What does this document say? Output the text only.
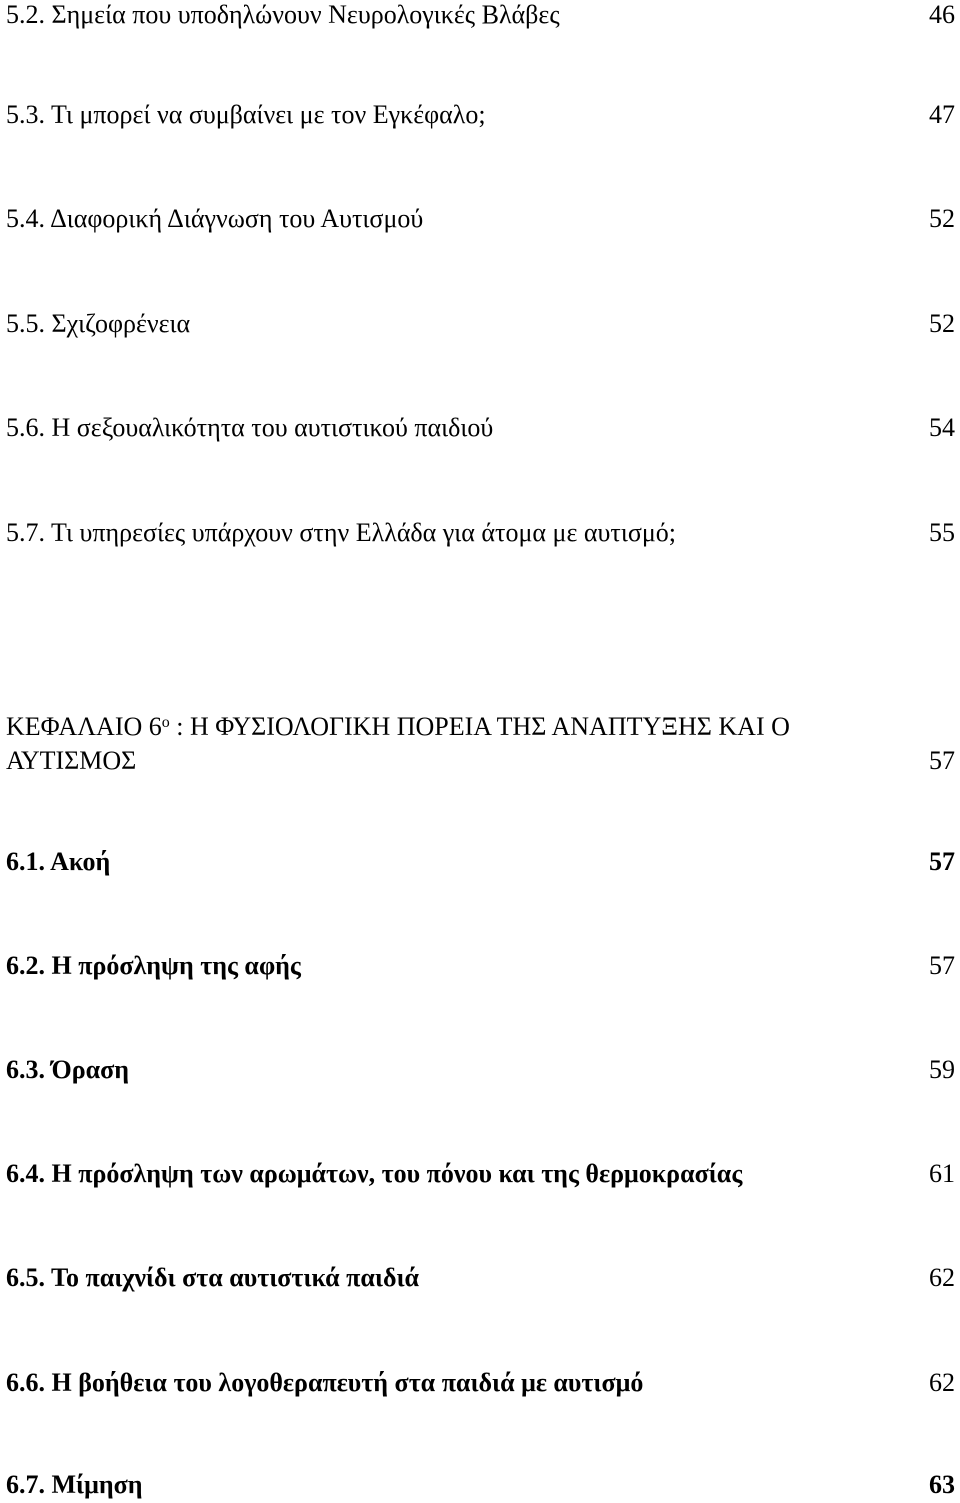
5.2. Σημεία που υποδηλώνουν Νευρολογικές Βλάβες	46
5.3. Τι μπορεί να συμβαίνει με τον Εγκέφαλο;	47
5.4. Διαφορική Διάγνωση του Αυτισμού	52
5.5. Σχιζοφρένεια	52
5.6. Η σεξουαλικότητα του αυτιστικού παιδιού	54
5.7. Τι υπηρεσίες υπάρχουν στην Ελλάδα για άτομα με αυτισμό;	55
ΚΕΦΑΛΑΙΟ $6^o$ : Η ΦΥΣΙΟΛΟΓΙΚΗ ΠΟΡΕΙΑ ΤΗΣ ΑΝΑΠΤΥΞΗΣ ΚΑΙ Ο
ΑΥΤΙΣΜΟΣ	57
6.1. Ακοή	57
6.2. Η πρόσληψη της αφής	57
6.3. Όραση	59
6.4. Η πρόσληψη των αρωμάτων, του πόνου και της θερμοκρασίας	61
6.5. Το παιχνίδι στα αυτιστικά παιδιά	62
6.6. Η βοήθεια του λογοθεραπευτή στα παιδιά με αυτισμό	62
6.7. Μίμηση	63
